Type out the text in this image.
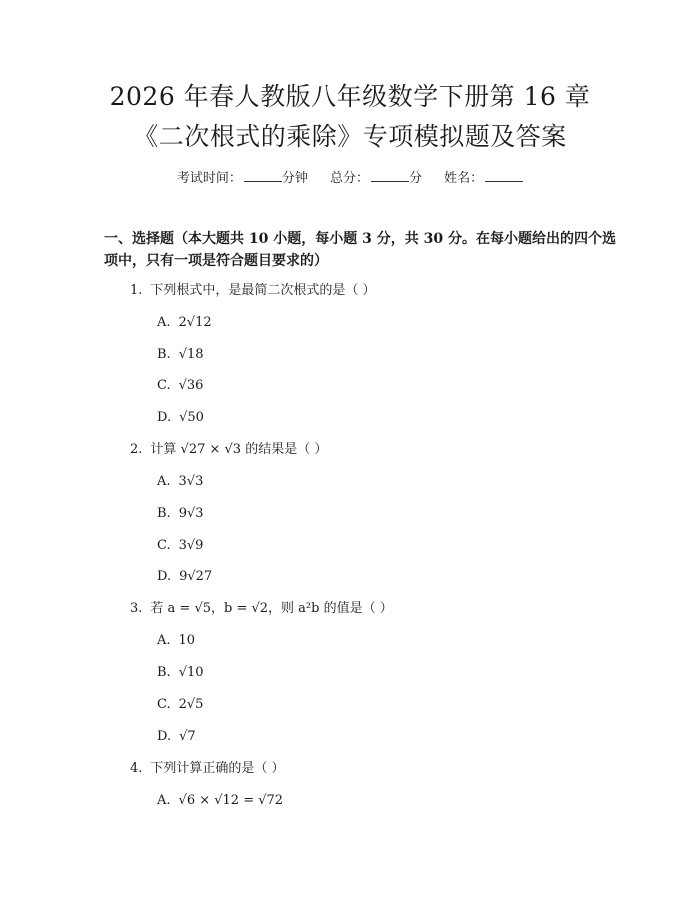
2026 年春人教版八年级数学下册第 16 章
《二次根式的乘除》专项模拟题及答案
考试时间：	分钟 总分：	分 姓名：
一、选择题（本大题共 10 小题，每小题 3 分，共 30 分。在每小题给出的四个选项中，只有一项是符合题目要求的）
1. 下列根式中，是最简二次根式的是（ ）
A. 2√12
B. √18
C. √36
D. √50
2. 计算 √27 × √3 的结果是（ ）
A. 3√3
B. 9√3
C. 3√9
D. 9√27
3. 若 a = √5，b = √2，则 a²b 的值是（ ）
A. 10
B. √10
C. 2√5
D. √7
4. 下列计算正确的是（ ）
A. √6 × √12 = √72
